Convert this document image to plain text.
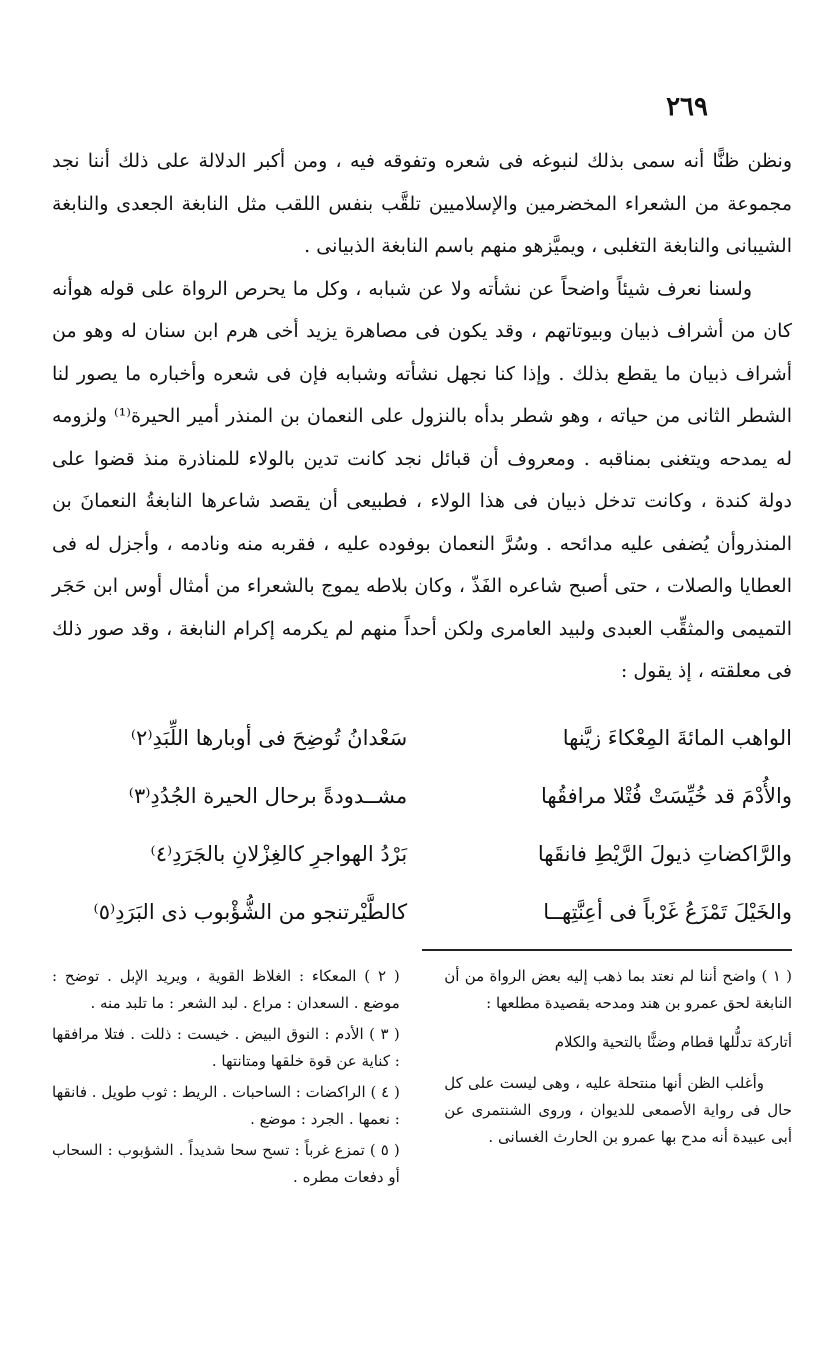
٢٦٩

ونظن ظنًّا أنه سمى بذلك لنبوغه فى شعره وتفوقه فيه ، ومن أكبر الدلالة على ذلك أننا نجد مجموعة من الشعراء المخضرمين والإسلاميين تلقَّب بنفس اللقب مثل النابغة الجعدى والنابغة الشيبانى والنابغة التغلبى ، ويميَّزهو منهم باسم النابغة الذبيانى .

ولسنا نعرف شيئاً واضحاً عن نشأته ولا عن شبابه ، وكل ما يحرص الرواة على قوله هوأنه كان من أشراف ذبيان وبيوتاتهم ، وقد يكون فى مصاهرة يزيد أخى هرم ابن سنان له وهو من أشراف ذبيان ما يقطع بذلك . وإذا كنا نجهل نشأته وشبابه فإن فى شعره وأخباره ما يصور لنا الشطر الثانى من حياته ، وهو شطر بدأه بالنزول على النعمان بن المنذر أمير الحيرة⁽¹⁾ ولزومه له يمدحه ويتغنى بمناقبه . ومعروف أن قبائل نجد كانت تدين بالولاء للمناذرة منذ قضوا على دولة كندة ، وكانت تدخل ذبيان فى هذا الولاء ، فطبيعى أن يقصد شاعرها النابغةُ النعمانَ بن المنذروأن يُضفى عليه مدائحه . وسُرَّ النعمان بوفوده عليه ، فقربه منه ونادمه ، وأجزل له فى العطايا والصلات ، حتى أصبح شاعره الفَذّ ، وكان بلاطه يموج بالشعراء من أمثال أوس ابن حَجَر التميمى والمثقِّب العبدى ولبيد العامرى ولكن أحداً منهم لم يكرمه إكرام النابغة ، وقد صور ذلك فى معلقته ، إذ يقول :

الواهب المائةَ المِعْكاءَ زيَّنها
سَعْدانُ تُوضِحَ فى أوبارها اللِّبَدِ⁽٢⁾
والأُدْمَ قد خُيِّسَتْ فُتْلا مرافقُها
مشــدودةً برحال الحيرة الجُدُدِ⁽٣⁾
والرَّاكضاتِ ذيولَ الرَّيْطِ فانقَها
بَرْدُ الهواجرِ كالغِزْلانِ بالجَرَدِ⁽٤⁾
والخَيْلَ تَمْزَعُ غَرْباً فى أعِنَّتِهــا
كالطَّيْرتنجو من الشُّؤْبوب ذى البَرَدِ⁽٥⁾

( ١ ) واضح أننا لم نعتد بما ذهب إليه بعض الرواة من أن النابغة لحق عمرو بن هند ومدحه بقصيدة مطلعها :

أتاركة تدلُّلها قطام وضنًّا بالتحية والكلام

وأغلب الظن أنها منتحلة عليه ، وهى ليست على كل حال فى رواية الأصمعى للديوان ، وروى الشنتمرى عن أبى عبيدة أنه مدح بها عمرو بن الحارث الغسانى .

( ٢ ) المعكاء : الغلاظ القوية ، ويريد الإبل . توضح : موضع . السعدان : مراع . لبد الشعر : ما تلبد منه .

( ٣ ) الأدم : النوق البيض . خيست : ذللت . فتلا مرافقها : كناية عن قوة خلقها ومتانتها .

( ٤ ) الراكضات : الساحبات . الريط : ثوب طويل . فانقها : نعمها . الجرد : موضع .

( ٥ ) تمزع غرباً : تسح سحا شديداً . الشؤبوب : السحاب أو دفعات مطره .
